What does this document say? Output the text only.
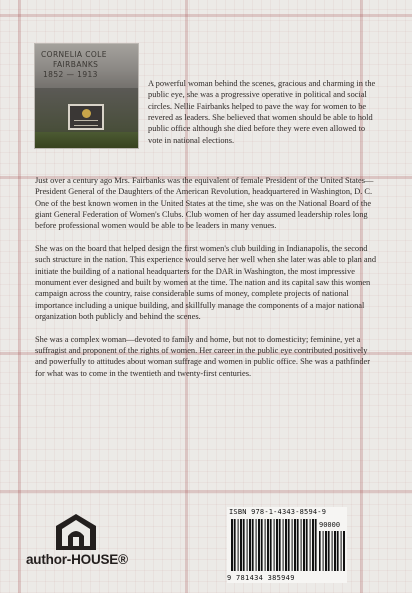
CORNELIA COLE
FAIRBANKS
1852 — 1913

A powerful woman behind the scenes, gracious and charming in the public eye, she was a progressive operative in political and social circles. Nellie Fairbanks helped to pave the way for women to be revered as leaders. She believed that women should be able to hold public office although she died before they were even allowed to vote in national elections.

Just over a century ago Mrs. Fairbanks was the equivalent of female President of the United States—President General of the Daughters of the American Revolution, headquartered in Washington, D. C. One of the best known women in the United States at the time, she was on the National Board of the giant General Federation of Women's Clubs. Club women of her day assumed leadership roles long before professional women would be able to be leaders in many venues.

She was on the board that helped design the first women's club building in Indianapolis, the second such structure in the nation. This experience would serve her well when she later was able to plan and initiate the building of a national headquarters for the DAR in Washington, the most impressive monument ever designed and built by women at the time. The nation and its capital saw this women campaign across the country, raise considerable sums of money, complete projects of national importance including a unique building, and skillfully manage the components of a major national organization both publicly and behind the scenes.

She was a complex woman—devoted to family and home, but not to domesticity; feminine, yet a suffragist and proponent of the rights of women. Her career in the public eye contributed positively and powerfully to attitudes about woman suffrage and women in public office. She was a pathfinder for what was to come in the twentieth and twenty-first centuries.

author-HOUSE®
ISBN 978-1-4343-8594-9
90000
9 781434 385949
